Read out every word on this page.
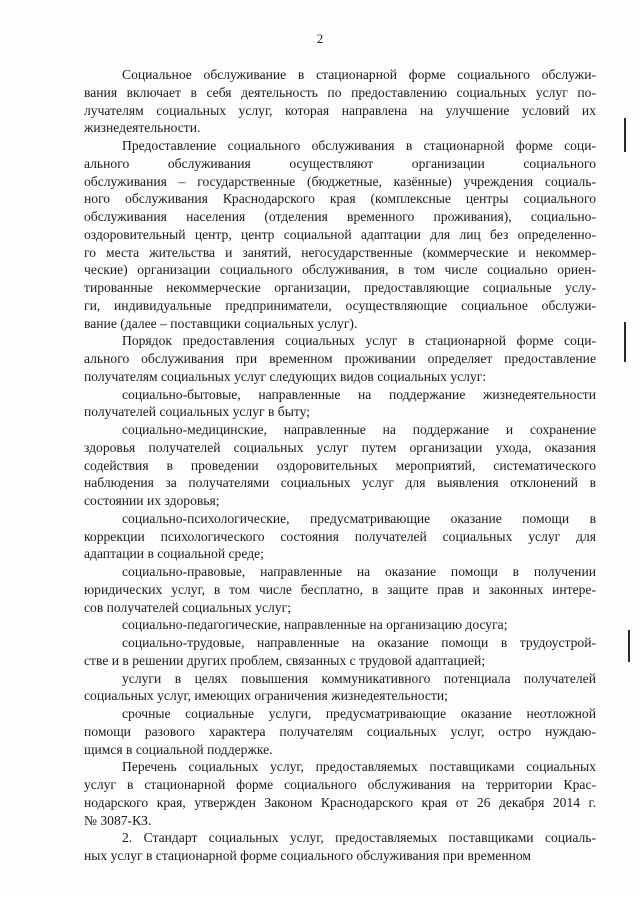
2
Социальное обслуживание в стационарной форме социального обслужи-
вания включает в себя деятельность по предоставлению социальных услуг по-
лучателям социальных услуг, которая направлена на улучшение условий их
жизнедеятельности.
Предоставление социального обслуживания в стационарной форме соци-
ального обслуживания осуществляют организации социального
обслуживания – государственные (бюджетные, казённые) учреждения социаль-
ного обслуживания Краснодарского края (комплексные центры социального
обслуживания населения (отделения временного проживания), социально-
оздоровительный центр, центр социальной адаптации для лиц без определенно-
го места жительства и занятий, негосударственные (коммерческие и некоммер-
ческие) организации социального обслуживания, в том числе социально ориен-
тированные некоммерческие организации, предоставляющие социальные услу-
ги, индивидуальные предприниматели, осуществляющие социальное обслужи-
вание (далее – поставщики социальных услуг).
Порядок предоставления социальных услуг в стационарной форме соци-
ального обслуживания при временном проживании определяет предоставление
получателям социальных услуг следующих видов социальных услуг:
социально-бытовые, направленные на поддержание жизнедеятельности
получателей социальных услуг в быту;
социально-медицинские, направленные на поддержание и сохранение
здоровья получателей социальных услуг путем организации ухода, оказания
содействия в проведении оздоровительных мероприятий, систематического
наблюдения за получателями социальных услуг для выявления отклонений в
состоянии их здоровья;
социально-психологические, предусматривающие оказание помощи в
коррекции психологического состояния получателей социальных услуг для
адаптации в социальной среде;
социально-правовые, направленные на оказание помощи в получении
юридических услуг, в том числе бесплатно, в защите прав и законных интере-
сов получателей социальных услуг;
социально-педагогические, направленные на организацию досуга;
социально-трудовые, направленные на оказание помощи в трудоустрой-
стве и в решении других проблем, связанных с трудовой адаптацией;
услуги в целях повышения коммуникативного потенциала получателей
социальных услуг, имеющих ограничения жизнедеятельности;
срочные социальные услуги, предусматривающие оказание неотложной
помощи разового характера получателям социальных услуг, остро нуждаю-
щимся в социальной поддержке.
Перечень социальных услуг, предоставляемых поставщиками социальных
услуг в стационарной форме социального обслуживания на территории Крас-
нодарского края, утвержден Законом Краснодарского края от 26 декабря 2014 г.
№ 3087-КЗ.
2. Стандарт социальных услуг, предоставляемых поставщиками социаль-
ных услуг в стационарной форме социального обслуживания при временном
